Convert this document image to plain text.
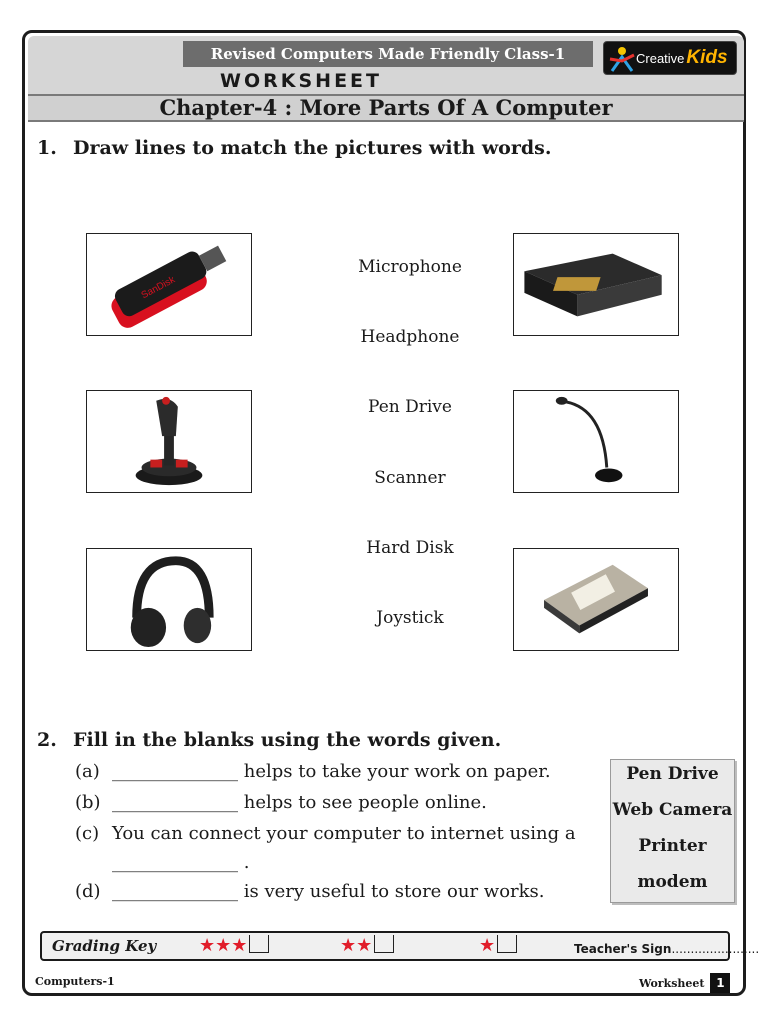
Revised Computers Made Friendly Class-1	Creative Kids
WORKSHEET
Chapter-4 : More Parts Of A Computer
1. Draw lines to match the pictures with words.
SanDisk
Microphone
Headphone
Pen Drive
Scanner
Hard Disk
Joystick
2. Fill in the blanks using the words given.
(a) ______________ helps to take your work on paper.
(b) ______________ helps to see people online.
(c) You can connect your computer to internet using a
______________ .
(d) ______________ is very useful to store our works.
Pen Drive
Web Camera
Printer
modem
Grading Key ★★★	★★	★	Teacher's Sign.......................
Computers-1	Worksheet 1
